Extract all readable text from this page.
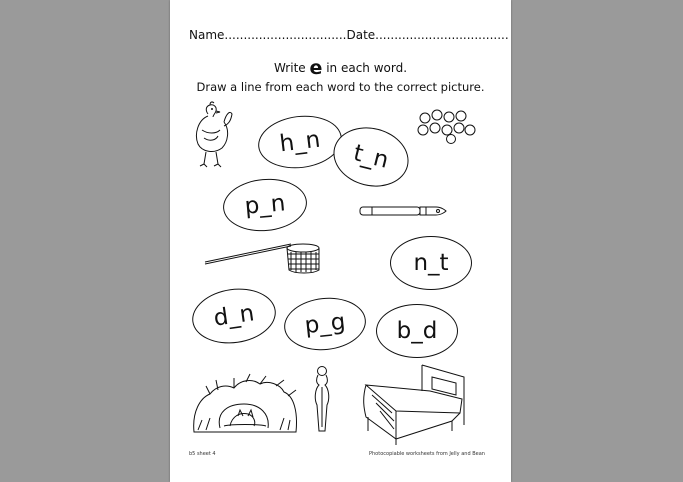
Name................................Date...................................
Write e in each word.
Draw a line from each word to the correct picture.
h_n	t_n
p_n
n_t
d_n	p_g	b_d
b5 sheet 4	Photocopiable worksheets from Jelly and Bean
